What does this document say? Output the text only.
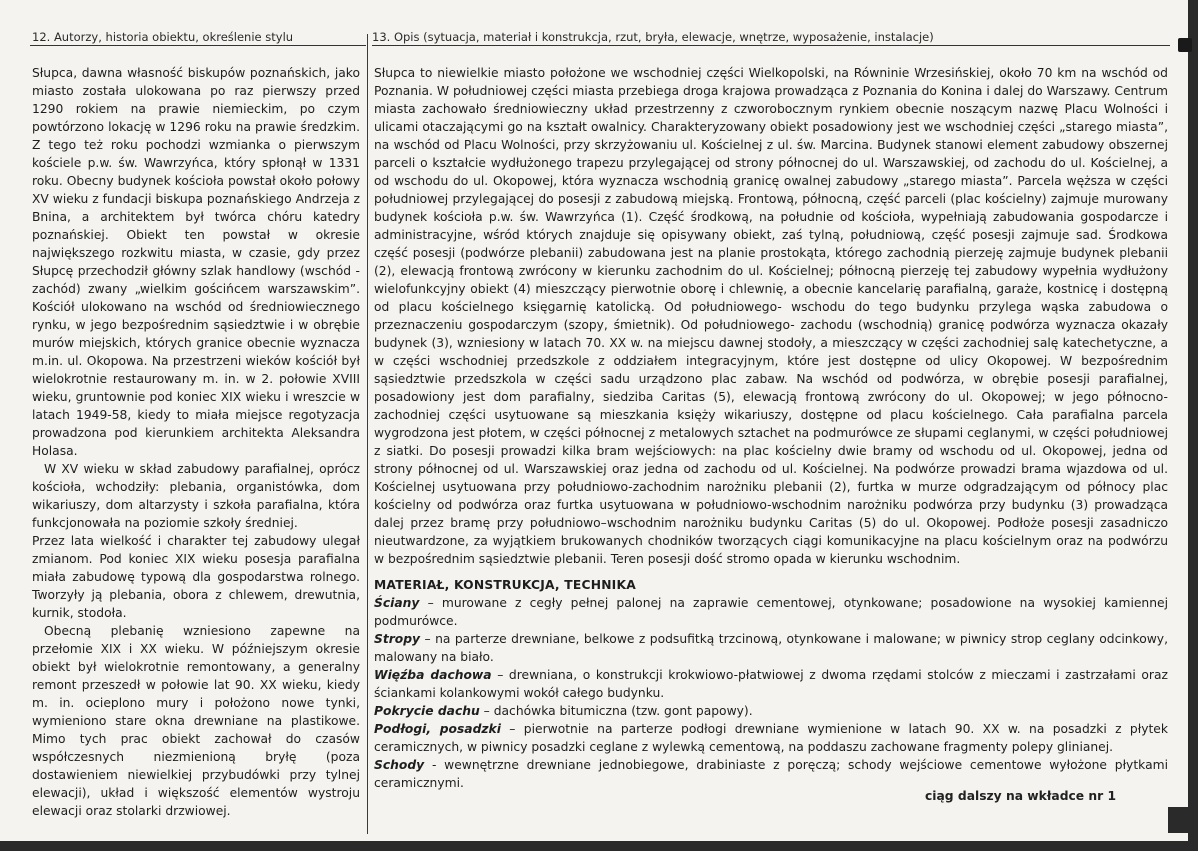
12. Autorzy, historia obiektu, określenie stylu	13. Opis (sytuacja, materiał i konstrukcja, rzut, bryła, elewacje, wnętrze, wyposażenie, instalacje)

Słupca, dawna własność biskupów poznańskich, jako miasto została ulokowana po raz pierwszy przed 1290 rokiem na prawie niemieckim, po czym powtórzono lokację w 1296 roku na prawie średzkim. Z tego też roku pochodzi wzmianka o pierwszym kościele p.w. św. Wawrzyńca, który spłonął w 1331 roku. Obecny budynek kościoła powstał około połowy XV wieku z fundacji biskupa poznańskiego Andrzeja z Bnina, a architektem był twórca chóru katedry poznańskiej. Obiekt ten powstał w okresie największego rozkwitu miasta, w czasie, gdy przez Słupcę przechodził główny szlak handlowy (wschód -zachód) zwany „wielkim gościńcem warszawskim”. Kościół ulokowano na wschód od średniowiecznego rynku, w jego bezpośrednim sąsiedztwie i w obrębie murów miejskich, których granice obecnie wyznacza m.in. ul. Okopowa. Na przestrzeni wieków kościół był wielokrotnie restaurowany m. in. w 2. połowie XVIII wieku, gruntownie pod koniec XIX wieku i wreszcie w latach 1949-58, kiedy to miała miejsce regotyzacja prowadzona pod kierunkiem architekta Aleksandra Holasa.

W XV wieku w skład zabudowy parafialnej, oprócz kościoła, wchodziły: plebania, organistówka, dom wikariuszy, dom altarzysty i szkoła parafialna, która funkcjonowała na poziomie szkoły średniej.

Przez lata wielkość i charakter tej zabudowy ulegał zmianom. Pod koniec XIX wieku posesja parafialna miała zabudowę typową dla gospodarstwa rolnego. Tworzyły ją plebania, obora z chlewem, drewutnia, kurnik, stodoła.

Obecną plebanię wzniesiono zapewne na przełomie XIX i XX wieku. W późniejszym okresie obiekt był wielokrotnie remontowany, a generalny remont przeszedł w połowie lat 90. XX wieku, kiedy m. in. ocieplono mury i położono nowe tynki, wymieniono stare okna drewniane na plastikowe. Mimo tych prac obiekt zachował do czasów współczesnych niezmienioną bryłę (poza dostawieniem niewielkiej przybudówki przy tylnej elewacji), układ i większość elementów wystroju elewacji oraz stolarki drzwiowej.

Słupca to niewielkie miasto położone we wschodniej części Wielkopolski, na Równinie Wrzesińskiej, około 70 km na wschód od Poznania. W południowej części miasta przebiega droga krajowa prowadząca z Poznania do Konina i dalej do Warszawy. Centrum miasta zachowało średniowieczny układ przestrzenny z czworobocznym rynkiem obecnie noszącym nazwę Placu Wolności i ulicami otaczającymi go na kształt owalnicy. Charakteryzowany obiekt posadowiony jest we wschodniej części „starego miasta”, na wschód od Placu Wolności, przy skrzyżowaniu ul. Kościelnej z ul. św. Marcina. Budynek stanowi element zabudowy obszernej parceli o kształcie wydłużonego trapezu przylegającej od strony północnej do ul. Warszawskiej, od zachodu do ul. Kościelnej, a od wschodu do ul. Okopowej, która wyznacza wschodnią granicę owalnej zabudowy „starego miasta”. Parcela węższa w części południowej przylegającej do posesji z zabudową miejską. Frontową, północną, część parceli (plac kościelny) zajmuje murowany budynek kościoła p.w. św. Wawrzyńca (1). Część środkową, na południe od kościoła, wypełniają zabudowania gospodarcze i administracyjne, wśród których znajduje się opisywany obiekt, zaś tylną, południową, część posesji zajmuje sad. Środkowa część posesji (podwórze plebanii) zabudowana jest na planie prostokąta, którego zachodnią pierzeję zajmuje budynek plebanii (2), elewacją frontową zwrócony w kierunku zachodnim do ul. Kościelnej; północną pierzeję tej zabudowy wypełnia wydłużony wielofunkcyjny obiekt (4) mieszczący pierwotnie oborę i chlewnię, a obecnie kancelarię parafialną, garaże, kostnicę i dostępną od placu kościelnego księgarnię katolicką. Od południowego- wschodu do tego budynku przylega wąska zabudowa o przeznaczeniu gospodarczym (szopy, śmietnik). Od południowego- zachodu (wschodnią) granicę podwórza wyznacza okazały budynek (3), wzniesiony w latach 70. XX w. na miejscu dawnej stodoły, a mieszczący w części zachodniej salę katechetyczne, a w części wschodniej przedszkole z oddziałem integracyjnym, które jest dostępne od ulicy Okopowej. W bezpośrednim sąsiedztwie przedszkola w części sadu urządzono plac zabaw. Na wschód od podwórza, w obrębie posesji parafialnej, posadowiony jest dom parafialny, siedziba Caritas (5), elewacją frontową zwrócony do ul. Okopowej; w jego północno-zachodniej części usytuowane są mieszkania księży wikariuszy, dostępne od placu kościelnego. Cała parafialna parcela wygrodzona jest płotem, w części północnej z metalowych sztachet na podmurówce ze słupami ceglanymi, w części południowej z siatki. Do posesji prowadzi kilka bram wejściowych: na plac kościelny dwie bramy od wschodu od ul. Okopowej, jedna od strony północnej od ul. Warszawskiej oraz jedna od zachodu od ul. Kościelnej. Na podwórze prowadzi brama wjazdowa od ul. Kościelnej usytuowana przy południowo-zachodnim narożniku plebanii (2), furtka w murze odgradzającym od północy plac kościelny od podwórza oraz furtka usytuowana w południowo-wschodnim narożniku podwórza przy budynku (3) prowadząca dalej przez bramę przy południowo–wschodnim narożniku budynku Caritas (5) do ul. Okopowej. Podłoże posesji zasadniczo nieutwardzone, za wyjątkiem brukowanych chodników tworzących ciągi komunikacyjne na placu kościelnym oraz na podwórzu w bezpośrednim sąsiedztwie plebanii. Teren posesji dość stromo opada w kierunku wschodnim.

MATERIAŁ, KONSTRUKCJA, TECHNIKA

Ściany – murowane z cegły pełnej palonej na zaprawie cementowej, otynkowane; posadowione na wysokiej kamiennej podmurówce.

Stropy – na parterze drewniane, belkowe z podsufitką trzcinową, otynkowane i malowane; w piwnicy strop ceglany odcinkowy, malowany na biało.

Więźba dachowa – drewniana, o konstrukcji krokwiowo-płatwiowej z dwoma rzędami stolców z mieczami i zastrzałami oraz ściankami kolankowymi wokół całego budynku.

Pokrycie dachu – dachówka bitumiczna (tzw. gont papowy).

Podłogi, posadzki – pierwotnie na parterze podłogi drewniane wymienione w latach 90. XX w. na posadzki z płytek ceramicznych, w piwnicy posadzki ceglane z wylewką cementową, na poddaszu zachowane fragmenty polepy glinianej.

Schody - wewnętrzne drewniane jednobiegowe, drabiniaste z poręczą; schody wejściowe cementowe wyłożone płytkami ceramicznymi.

ciąg dalszy na wkładce nr 1
